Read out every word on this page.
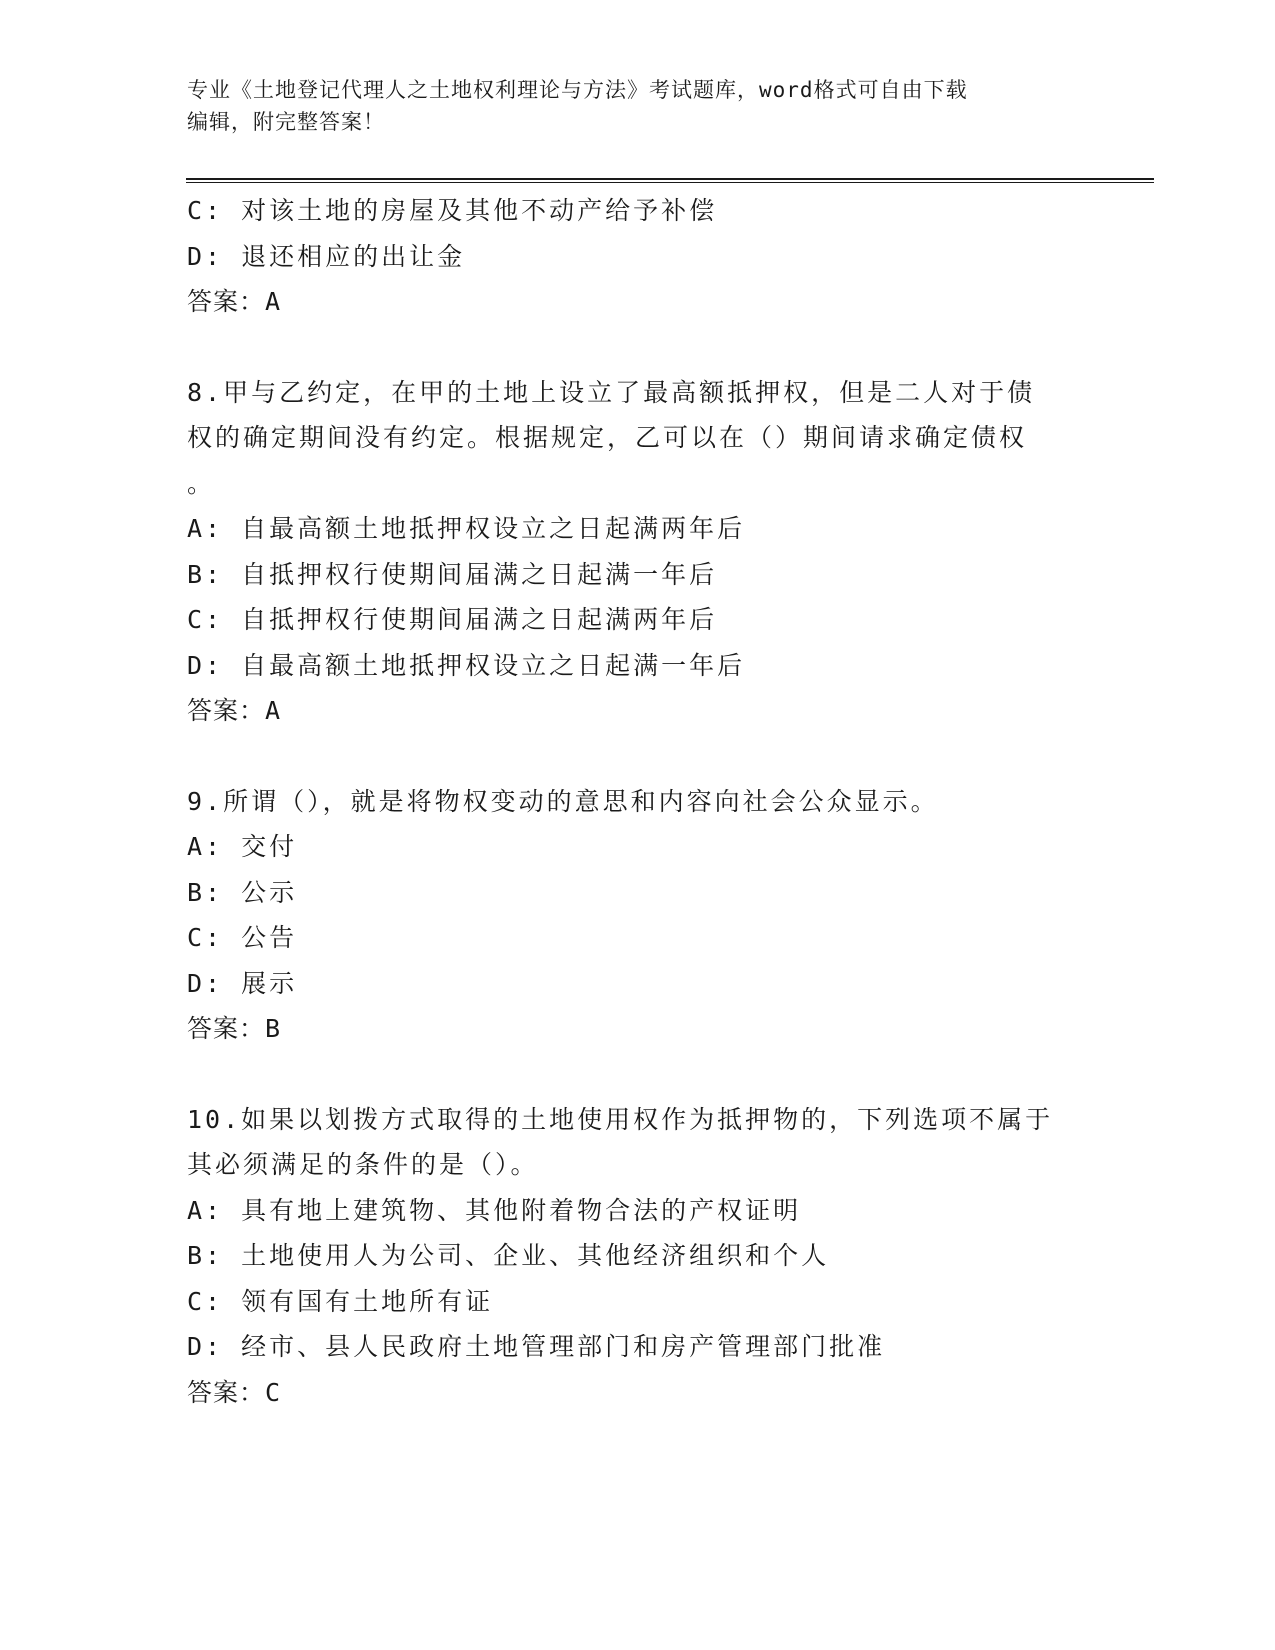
专业《土地登记代理人之土地权利理论与方法》考试题库，word格式可自由下载
编辑，附完整答案！
C: 对该土地的房屋及其他不动产给予补偿
D: 退还相应的出让金
答案：A
8.甲与乙约定，在甲的土地上设立了最高额抵押权，但是二人对于债
权的确定期间没有约定。根据规定，乙可以在（）期间请求确定债权
。
A: 自最高额土地抵押权设立之日起满两年后
B: 自抵押权行使期间届满之日起满一年后
C: 自抵押权行使期间届满之日起满两年后
D: 自最高额土地抵押权设立之日起满一年后
答案：A
9.所谓（），就是将物权变动的意思和内容向社会公众显示。
A: 交付
B: 公示
C: 公告
D: 展示
答案：B
10.如果以划拨方式取得的土地使用权作为抵押物的，下列选项不属于
其必须满足的条件的是（）。
A: 具有地上建筑物、其他附着物合法的产权证明
B: 土地使用人为公司、企业、其他经济组织和个人
C: 领有国有土地所有证
D: 经市、县人民政府土地管理部门和房产管理部门批准
答案：C
